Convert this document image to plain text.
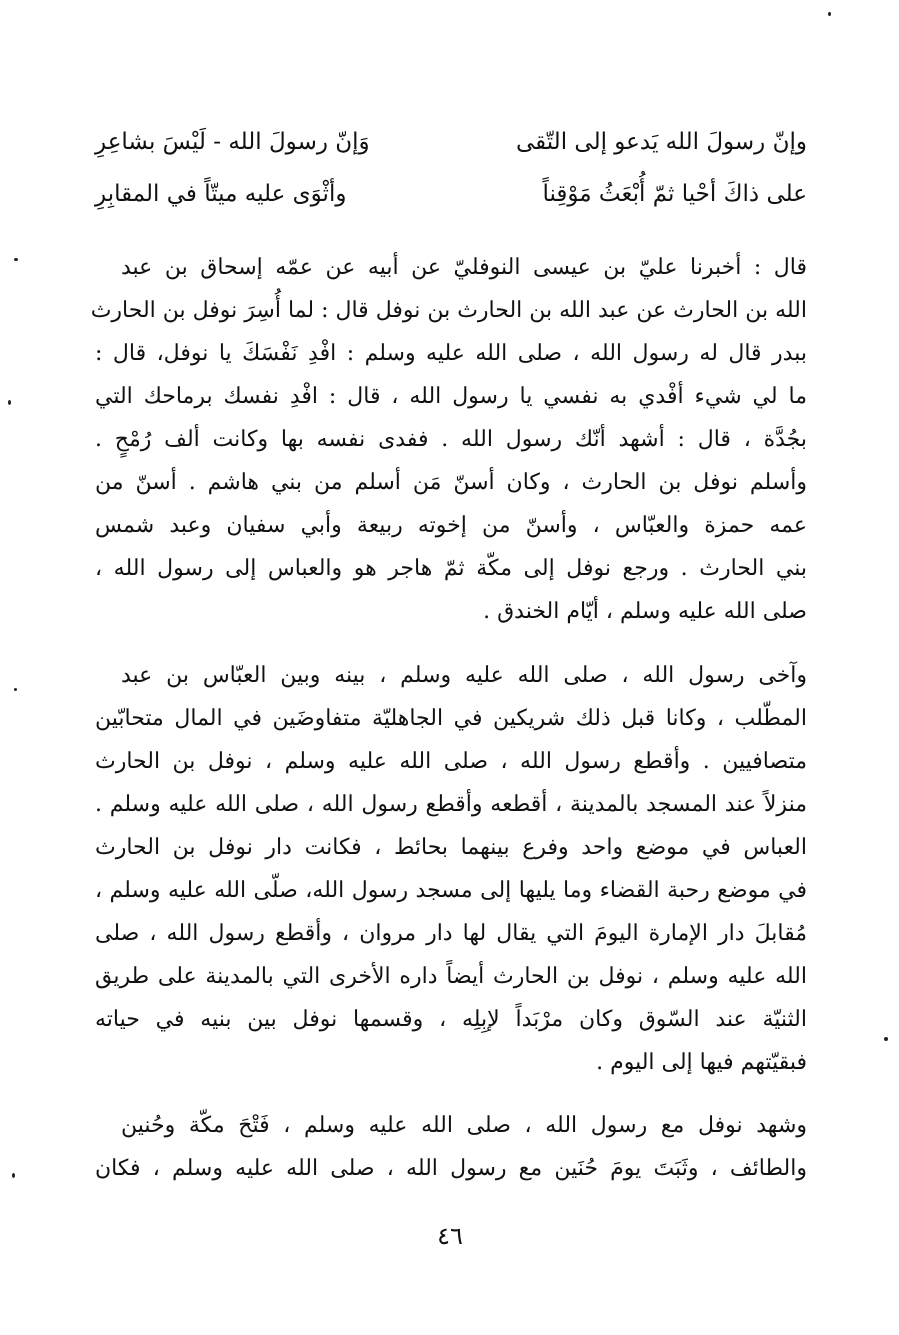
وإنّ رسولَ الله يَدعو إلى التّقى
وَإنّ رسولَ الله - لَيْسَ بشاعِرِ
على ذاكَ أحْيا ثمّ أُبْعَثُ مَوْقِناً
وأثْوَى عليه ميتّاً في المقابِرِ
قال : أخبرنا عليّ بن عيسى النوفليّ عن أبيه عن عمّه إسحاق بن عبد
الله بن الحارث عن عبد الله بن الحارث بن نوفل قال : لما أُسِرَ نوفل بن الحارث
ببدر قال له رسول الله ، صلى الله عليه وسلم : افْدِ نَفْسَكَ يا نوفل، قال :
ما لي شيء أفْدي به نفسي يا رسول الله ، قال : افْدِ نفسك برماحك التي
بجُدَّة ، قال : أشهد أنّك رسول الله . ففدى نفسه بها وكانت ألف رُمْحٍ .
وأسلم نوفل بن الحارث ، وكان أسنّ مَن أسلم من بني هاشم . أسنّ من
عمه حمزة والعبّاس ، وأسنّ من إخوته ربيعة وأبي سفيان وعبد شمس
بني الحارث . ورجع نوفل إلى مكّة ثمّ هاجر هو والعباس إلى رسول الله ،
صلى الله عليه وسلم ، أيّام الخندق .
وآخى رسول الله ، صلى الله عليه وسلم ، بينه وبين العبّاس بن عبد
المطّلب ، وكانا قبل ذلك شريكين في الجاهليّة متفاوضَين في المال متحابّين
متصافيين . وأقطع رسول الله ، صلى الله عليه وسلم ، نوفل بن الحارث
منزلاً عند المسجد بالمدينة ، أقطعه وأقطع رسول الله ، صلى الله عليه وسلم .
العباس في موضع واحد وفرع بينهما بحائط ، فكانت دار نوفل بن الحارث
في موضع رحبة القضاء وما يليها إلى مسجد رسول الله، صلّى الله عليه وسلم ،
مُقابلَ دار الإمارة اليومَ التي يقال لها دار مروان ، وأقطع رسول الله ، صلى
الله عليه وسلم ، نوفل بن الحارث أيضاً داره الأخرى التي بالمدينة على طريق
الثنيّة عند السّوق وكان مرْبَداً لإبِلِه ، وقسمها نوفل بين بنيه في حياته
فبقيّتهم فيها إلى اليوم .
وشهد نوفل مع رسول الله ، صلى الله عليه وسلم ، فَتْحَ مكّة وحُنين
والطائف ، وثَبَتَ يومَ حُنَين مع رسول الله ، صلى الله عليه وسلم ، فكان
٤٦
